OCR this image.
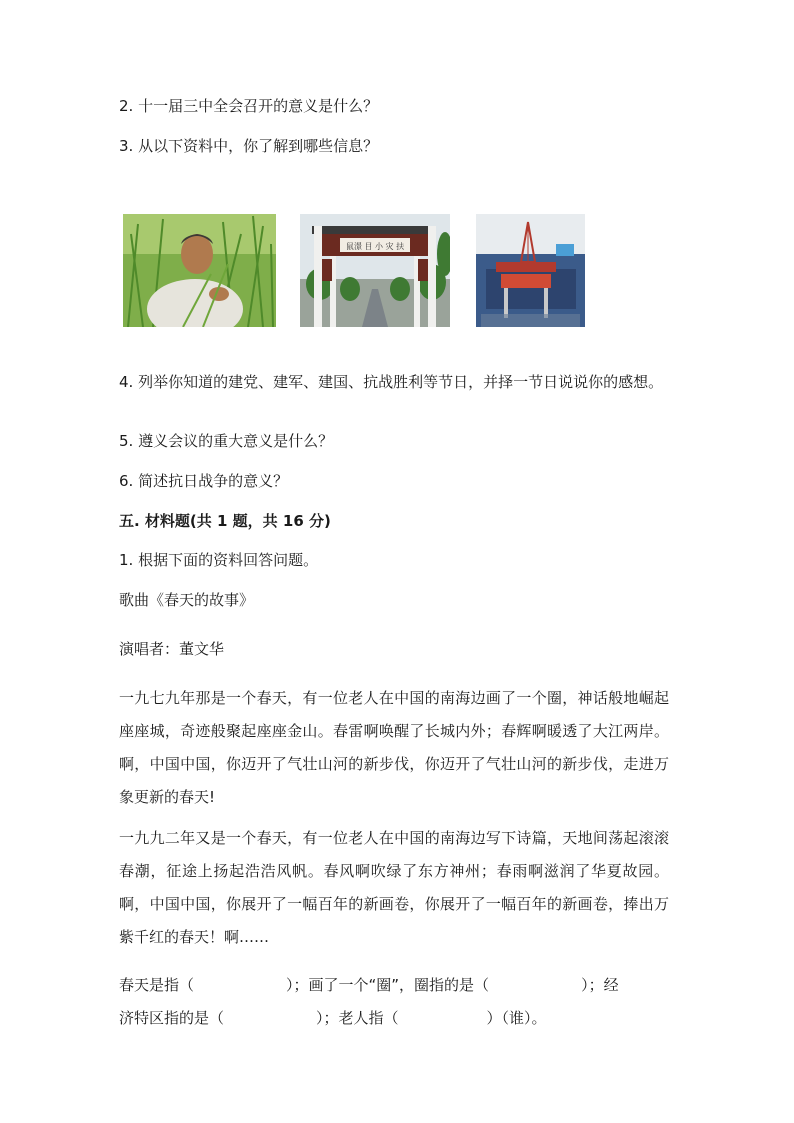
2. 十一届三中全会召开的意义是什么？
3. 从以下资料中，你了解到哪些信息？
鼠澋 目 小 灾 扶
4. 列举你知道的建党、建军、建国、抗战胜利等节日，并择一节日说说你的感想。
5. 遵义会议的重大意义是什么？
6. 简述抗日战争的意义？
五. 材料题(共 1 题，共 16 分)
1. 根据下面的资料回答问题。
歌曲《春天的故事》
演唱者：董文华
一九七九年那是一个春天，有一位老人在中国的南海边画了一个圈，神话般地崛起座座城，奇迹般聚起座座金山。春雷啊唤醒了长城内外；春辉啊暖透了大江两岸。啊，中国中国，你迈开了气壮山河的新步伐，你迈开了气壮山河的新步伐，走进万象更新的春天!
一九九二年又是一个春天，有一位老人在中国的南海边写下诗篇，天地间荡起滚滚春潮，征途上扬起浩浩风帆。春风啊吹绿了东方神州；春雨啊滋润了华夏故园。啊，中国中国，你展开了一幅百年的新画卷，你展开了一幅百年的新画卷，捧出万紫千红的春天！啊……
春天是指（	）；画了一个“圈”，圈指的是（	）；经
济特区指的是（	）；老人指（	）（谁）。
